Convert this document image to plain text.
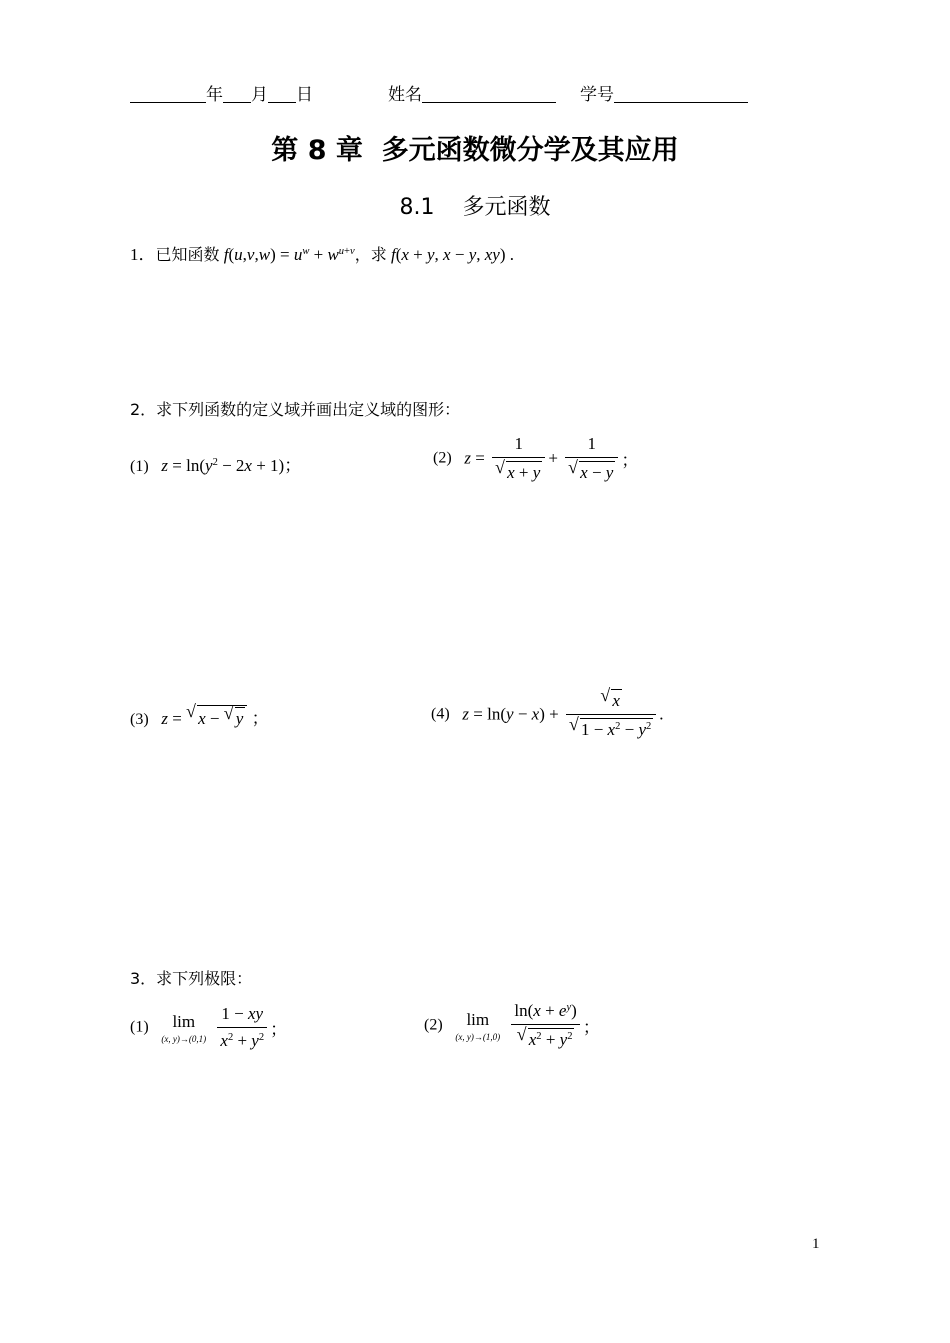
年 月 日	姓名	学号
第 8 章  多元函数微分学及其应用
8.1    多元函数
1．已知函数 $f(u,v,w) = u^w + w^{u+v}$，求 f(x + y, x − y, xy) .
2．求下列函数的定义域并画出定义域的图形：
(1) $z = \ln(y^2 - 2x + 1)$；	(2) $z = \frac{1}{√ x + y} + \frac{1}{√ x - y}$ ；
(3) z = √ x − √ y ；	(4) $z = \ln(y - x) + \frac{√ x}{√ 1 - x^2 - y^2}$ .
3．求下列极限：
(1)	lim
(x, y)→(0,1)
$\frac{1 - xy}{x^2 + y^2}$ ；	(2)	lim
(x, y)→(1,0)
$\frac{\ln(x + e^y)}{√ x^2 + y^2}$ ；
1
